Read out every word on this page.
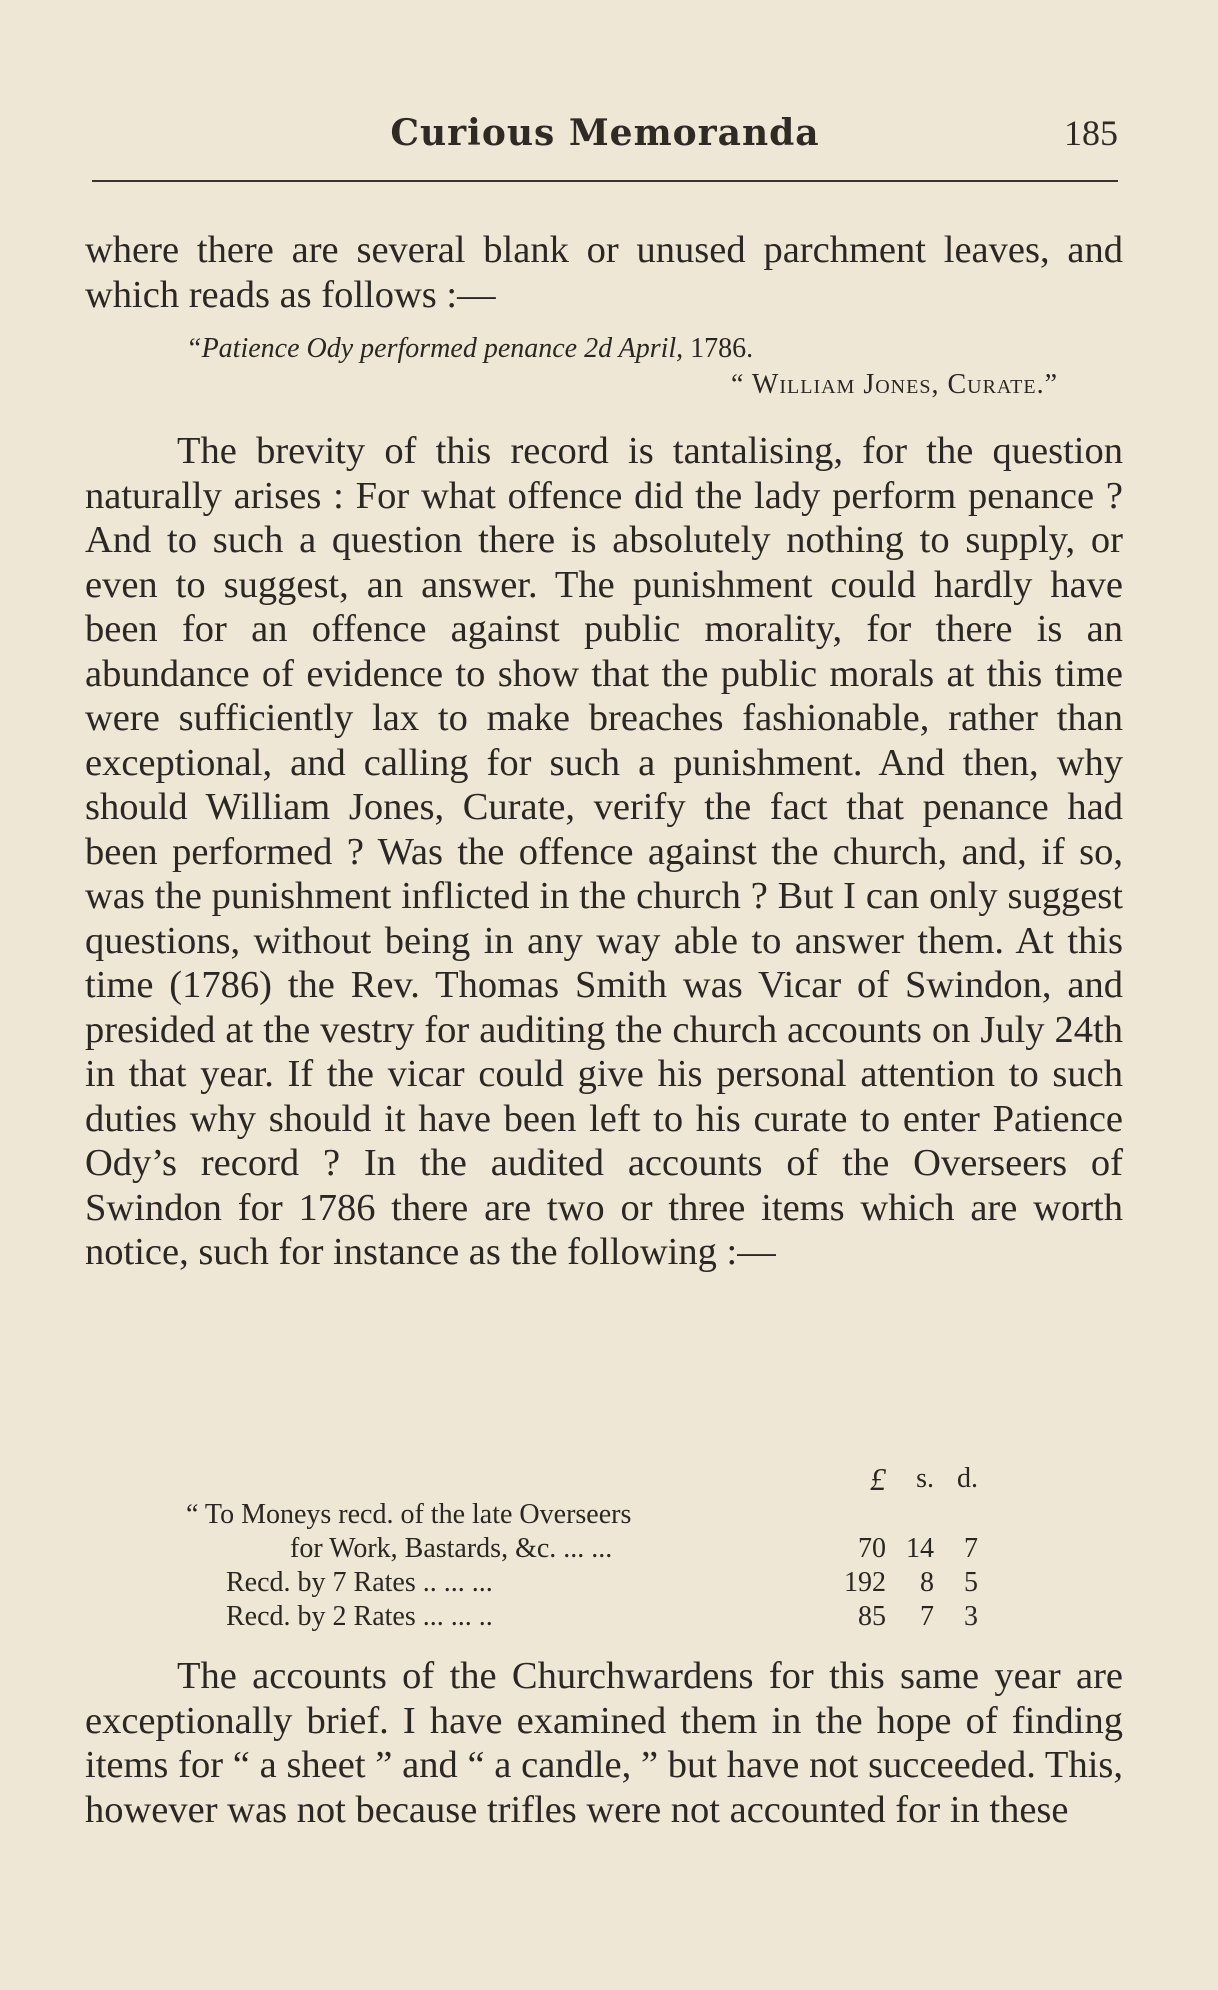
Curious Memoranda	185
where there are several blank or unused parchment leaves, and which reads as follows :—
“Patience Ody performed penance 2d April, 1786.
“ William Jones, Curate.”
The brevity of this record is tantalising, for the question naturally arises : For what offence did the lady perform penance ? And to such a question there is absolutely nothing to supply, or even to suggest, an answer. The punishment could hardly have been for an offence against public morality, for there is an abundance of evidence to show that the public morals at this time were sufficiently lax to make breaches fashionable, rather than exceptional, and calling for such a punishment. And then, why should William Jones, Curate, verify the fact that penance had been performed ? Was the offence against the church, and, if so, was the punishment inflicted in the church ? But I can only suggest questions, without being in any way able to answer them. At this time (1786) the Rev. Thomas Smith was Vicar of Swindon, and presided at the vestry for auditing the church accounts on July 24th in that year. If the vicar could give his personal attention to such duties why should it have been left to his curate to enter Patience Ody’s record ? In the audited accounts of the Overseers of Swindon for 1786 there are two or three items which are worth notice, such for instance as the following :—
£	s. d.
“ To Moneys recd. of the late Overseers
for Work, Bastards, &c. ... ...	70 14	7
Recd. by 7 Rates .. ... ...	192	8	5
Recd. by 2 Rates ... ... ..	85	7	3
The accounts of the Churchwardens for this same year are exceptionally brief. I have examined them in the hope of finding items for “ a sheet ” and “ a candle, ” but have not succeeded. This, however was not because trifles were not accounted for in these
